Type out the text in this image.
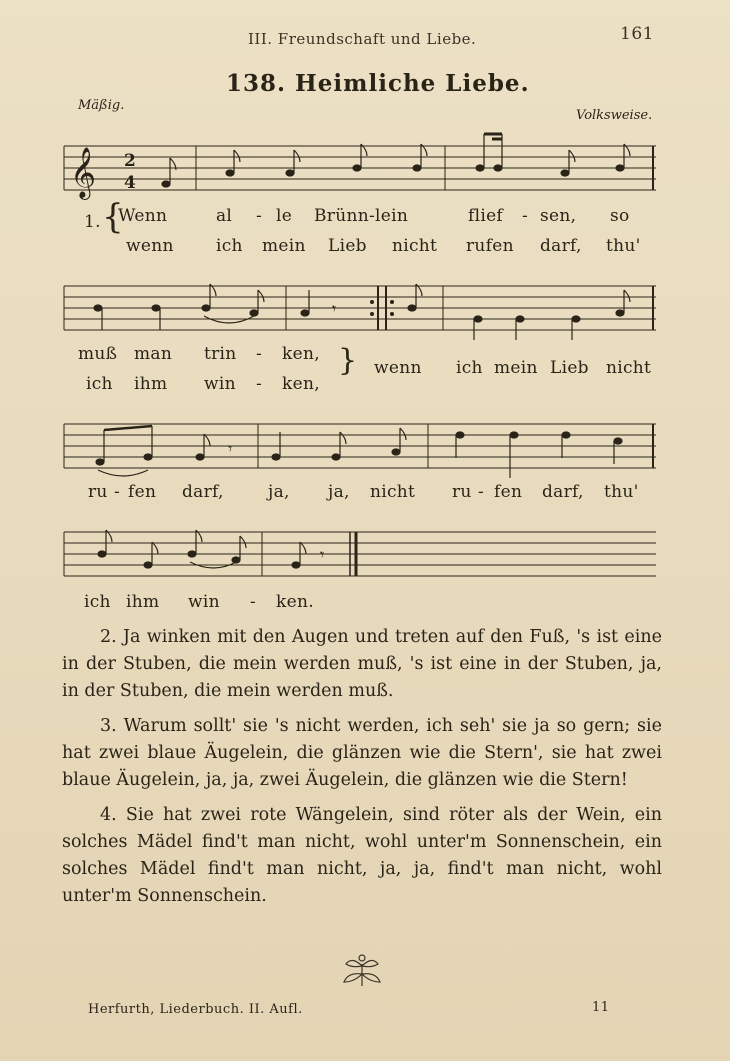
III. Freundschaft und Liebe.	161
138. Heimliche Liebe.
Mäßig.
Volksweise.
𝄞 2
4
1. {
Wenn	al - le Brünn-lein	flief - sen, so
wenn ich mein Lieb nicht rufen darf, thu'
𝄾
muß man trin - ken,
ich ihm win - ken,
} wenn ich mein Lieb nicht
𝄾
ru - fen darf,	ja, ja, nicht ru - fen darf, thu'
𝄾
ich ihm win - ken.

2. Ja winken mit den Augen und treten auf den Fuß, 's ist eine in der Stuben, die mein werden muß, 's ist eine in der Stuben, ja, in der Stuben, die mein werden muß.

3. Warum sollt' sie 's nicht werden, ich seh' sie ja so gern; sie hat zwei blaue Äugelein, die glänzen wie die Stern', sie hat zwei blaue Äugelein, ja, ja, zwei Äugelein, die glänzen wie die Stern!

4. Sie hat zwei rote Wängelein, sind röter als der Wein, ein solches Mädel find't man nicht, wohl unter'm Sonnenschein, ein solches Mädel find't man nicht, ja, ja, find't man nicht, wohl unter'm Sonnenschein.

Herfurth, Liederbuch. II. Aufl.	11
